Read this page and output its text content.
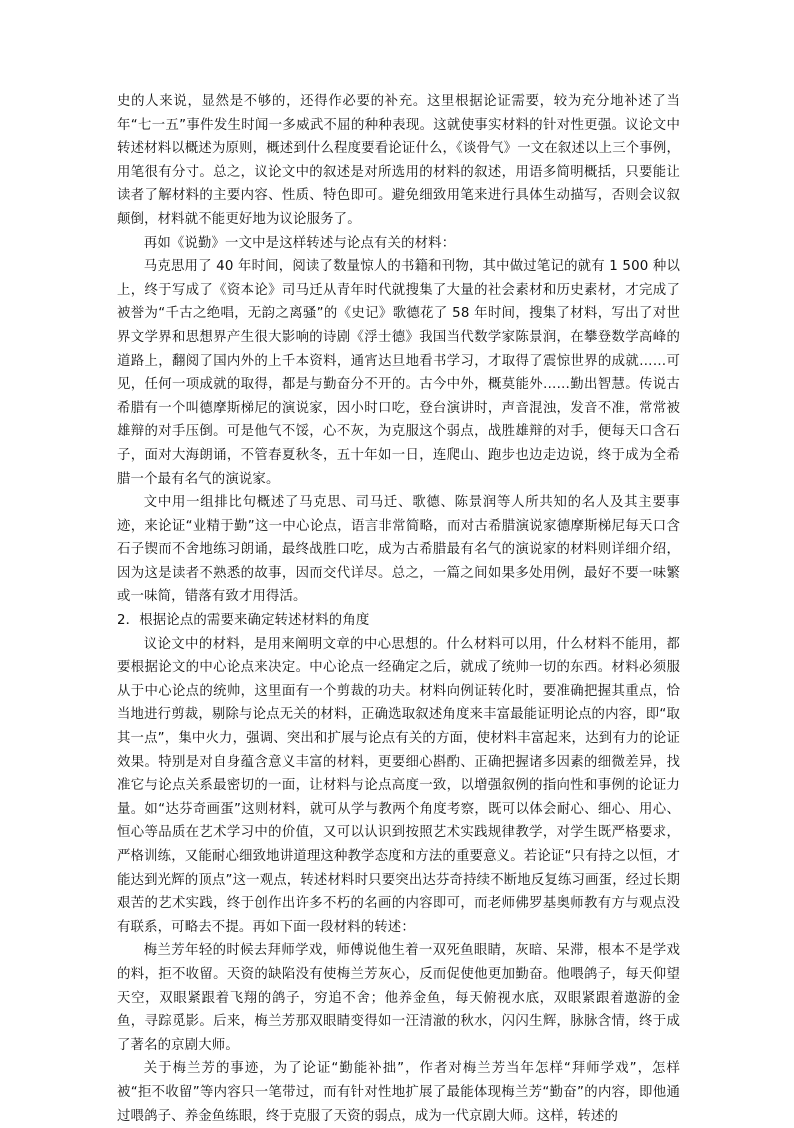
史的人来说，显然是不够的，还得作必要的补充。这里根据论证需要，较为充分地补述了当年“七一五”事件发生时闻一多威武不屈的种种表现。这就使事实材料的针对性更强。议论文中转述材料以概述为原则，概述到什么程度要看论证什么，《谈骨气》一文在叙述以上三个事例，用笔很有分寸。总之，议论文中的叙述是对所选用的材料的叙述，用语多简明概括，只要能让读者了解材料的主要内容、性质、特色即可。避免细致用笔来进行具体生动描写，否则会议叙颠倒，材料就不能更好地为议论服务了。

再如《说勤》一文中是这样转述与论点有关的材料：

马克思用了 40 年时间，阅读了数量惊人的书籍和刊物，其中做过笔记的就有 1 500 种以上，终于写成了《资本论》司马迁从青年时代就搜集了大量的社会素材和历史素材，才完成了被誉为“千古之绝唱，无韵之离骚”的《史记》歌德花了 58 年时间，搜集了材料，写出了对世界文学界和思想界产生很大影响的诗剧《浮士德》我国当代数学家陈景润，在攀登数学高峰的道路上，翻阅了国内外的上千本资料，通宵达旦地看书学习，才取得了震惊世界的成就……可见，任何一项成就的取得，都是与勤奋分不开的。古今中外，概莫能外……勤出智慧。传说古希腊有一个叫德摩斯梯尼的演说家，因小时口吃，登台演讲时，声音混浊，发音不准，常常被雄辩的对手压倒。可是他气不馁，心不灰，为克服这个弱点，战胜雄辩的对手，便每天口含石子，面对大海朗诵，不管春夏秋冬，五十年如一日，连爬山、跑步也边走边说，终于成为全希腊一个最有名气的演说家。

文中用一组排比句概述了马克思、司马迁、歌德、陈景润等人所共知的名人及其主要事迹，来论证“业精于勤”这一中心论点，语言非常简略，而对古希腊演说家德摩斯梯尼每天口含石子锲而不舍地练习朗诵，最终战胜口吃，成为古希腊最有名气的演说家的材料则详细介绍，因为这是读者不熟悉的故事，因而交代详尽。总之，一篇之间如果多处用例，最好不要一味繁或一味简，错落有致才用得活。

2．根据论点的需要来确定转述材料的角度

议论文中的材料，是用来阐明文章的中心思想的。什么材料可以用，什么材料不能用，都要根据论文的中心论点来决定。中心论点一经确定之后，就成了统帅一切的东西。材料必须服从于中心论点的统帅，这里面有一个剪裁的功夫。材料向例证转化时，要准确把握其重点，恰当地进行剪裁，剔除与论点无关的材料，正确选取叙述角度来丰富最能证明论点的内容，即“取其一点”，集中火力，强调、突出和扩展与论点有关的方面，使材料丰富起来，达到有力的论证效果。特别是对自身蕴含意义丰富的材料，更要细心斟酌、正确把握诸多因素的细微差异，找准它与论点关系最密切的一面，让材料与论点高度一致，以增强叙例的指向性和事例的论证力量。如“达芬奇画蛋”这则材料，就可从学与教两个角度考察，既可以体会耐心、细心、用心、恒心等品质在艺术学习中的价值，又可以认识到按照艺术实践规律教学，对学生既严格要求，严格训练，又能耐心细致地讲道理这种教学态度和方法的重要意义。若论证“只有持之以恒，才能达到光辉的顶点”这一观点，转述材料时只要突出达芬奇持续不断地反复练习画蛋，经过长期艰苦的艺术实践，终于创作出许多不朽的名画的内容即可，而老师佛罗基奥师教有方与观点没有联系，可略去不提。再如下面一段材料的转述：

梅兰芳年轻的时候去拜师学戏，师傅说他生着一双死鱼眼睛，灰暗、呆滞，根本不是学戏的料，拒不收留。天资的缺陷没有使梅兰芳灰心，反而促使他更加勤奋。他喂鸽子，每天仰望天空，双眼紧跟着飞翔的鸽子，穷追不舍；他养金鱼，每天俯视水底，双眼紧跟着遨游的金鱼，寻踪觅影。后来，梅兰芳那双眼睛变得如一汪清澈的秋水，闪闪生辉，脉脉含情，终于成了著名的京剧大师。

关于梅兰芳的事迹，为了论证“勤能补拙”，作者对梅兰芳当年怎样“拜师学戏”，怎样被“拒不收留”等内容只一笔带过，而有针对性地扩展了最能体现梅兰芳“勤奋”的内容，即他通过喂鸽子、养金鱼练眼，终于克服了天资的弱点，成为一代京剧大师。这样，转述的
